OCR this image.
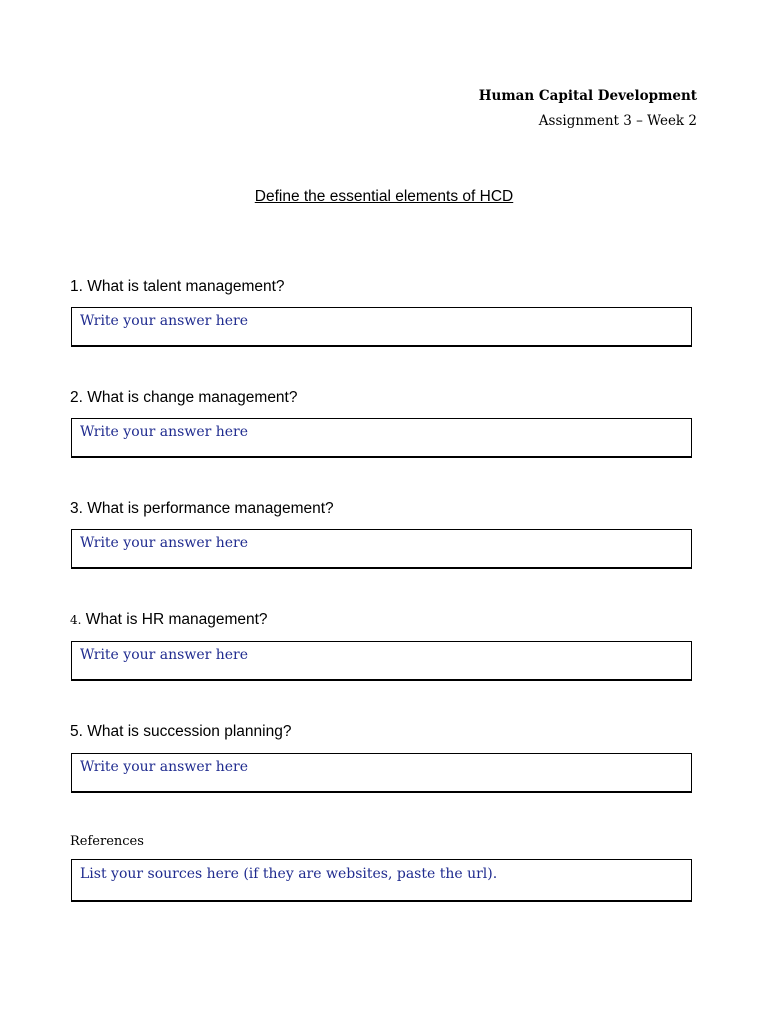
Human Capital Development
Assignment 3 – Week 2
Define the essential elements of HCD
1. What is talent management?
Write your answer here
2. What is change management?
Write your answer here
3. What is performance management?
Write your answer here
4. What is HR management?
Write your answer here
5. What is succession planning?
Write your answer here
References
List your sources here (if they are websites, paste the url).
